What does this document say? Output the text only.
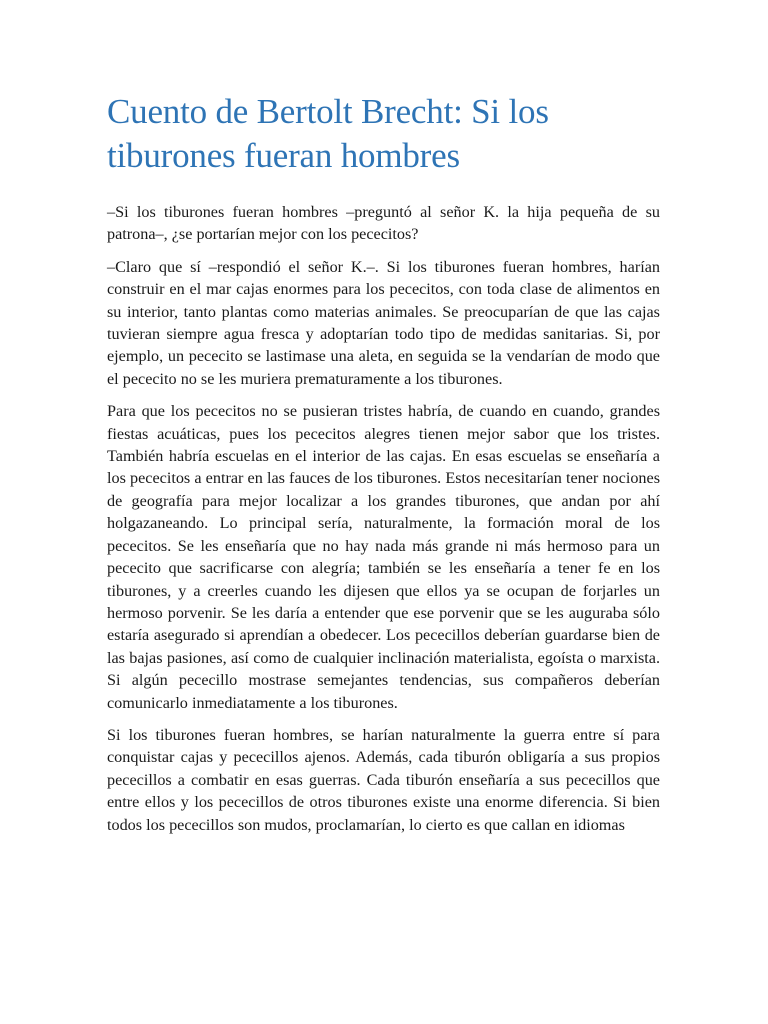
Cuento de Bertolt Brecht: Si los tiburones fueran hombres

–Si los tiburones fueran hombres –preguntó al señor K. la hija pequeña de su patrona–, ¿se portarían mejor con los pececitos?

–Claro que sí –respondió el señor K.–. Si los tiburones fueran hombres, harían construir en el mar cajas enormes para los pececitos, con toda clase de alimentos en su interior, tanto plantas como materias animales. Se preocuparían de que las cajas tuvieran siempre agua fresca y adoptarían todo tipo de medidas sanitarias. Si, por ejemplo, un pececito se lastimase una aleta, en seguida se la vendarían de modo que el pececito no se les muriera prematuramente a los tiburones.

Para que los pececitos no se pusieran tristes habría, de cuando en cuando, grandes fiestas acuáticas, pues los pececitos alegres tienen mejor sabor que los tristes. También habría escuelas en el interior de las cajas. En esas escuelas se enseñaría a los pececitos a entrar en las fauces de los tiburones. Estos necesitarían tener nociones de geografía para mejor localizar a los grandes tiburones, que andan por ahí holgazaneando. Lo principal sería, naturalmente, la formación moral de los pececitos. Se les enseñaría que no hay nada más grande ni más hermoso para un pececito que sacrificarse con alegría; también se les enseñaría a tener fe en los tiburones, y a creerles cuando les dijesen que ellos ya se ocupan de forjarles un hermoso porvenir. Se les daría a entender que ese porvenir que se les auguraba sólo estaría asegurado si aprendían a obedecer. Los pececillos deberían guardarse bien de las bajas pasiones, así como de cualquier inclinación materialista, egoísta o marxista. Si algún pececillo mostrase semejantes tendencias, sus compañeros deberían comunicarlo inmediatamente a los tiburones.

Si los tiburones fueran hombres, se harían naturalmente la guerra entre sí para conquistar cajas y pececillos ajenos. Además, cada tiburón obligaría a sus propios pececillos a combatir en esas guerras. Cada tiburón enseñaría a sus pececillos que entre ellos y los pececillos de otros tiburones existe una enorme diferencia. Si bien todos los pececillos son mudos, proclamarían, lo cierto es que callan en idiomas
